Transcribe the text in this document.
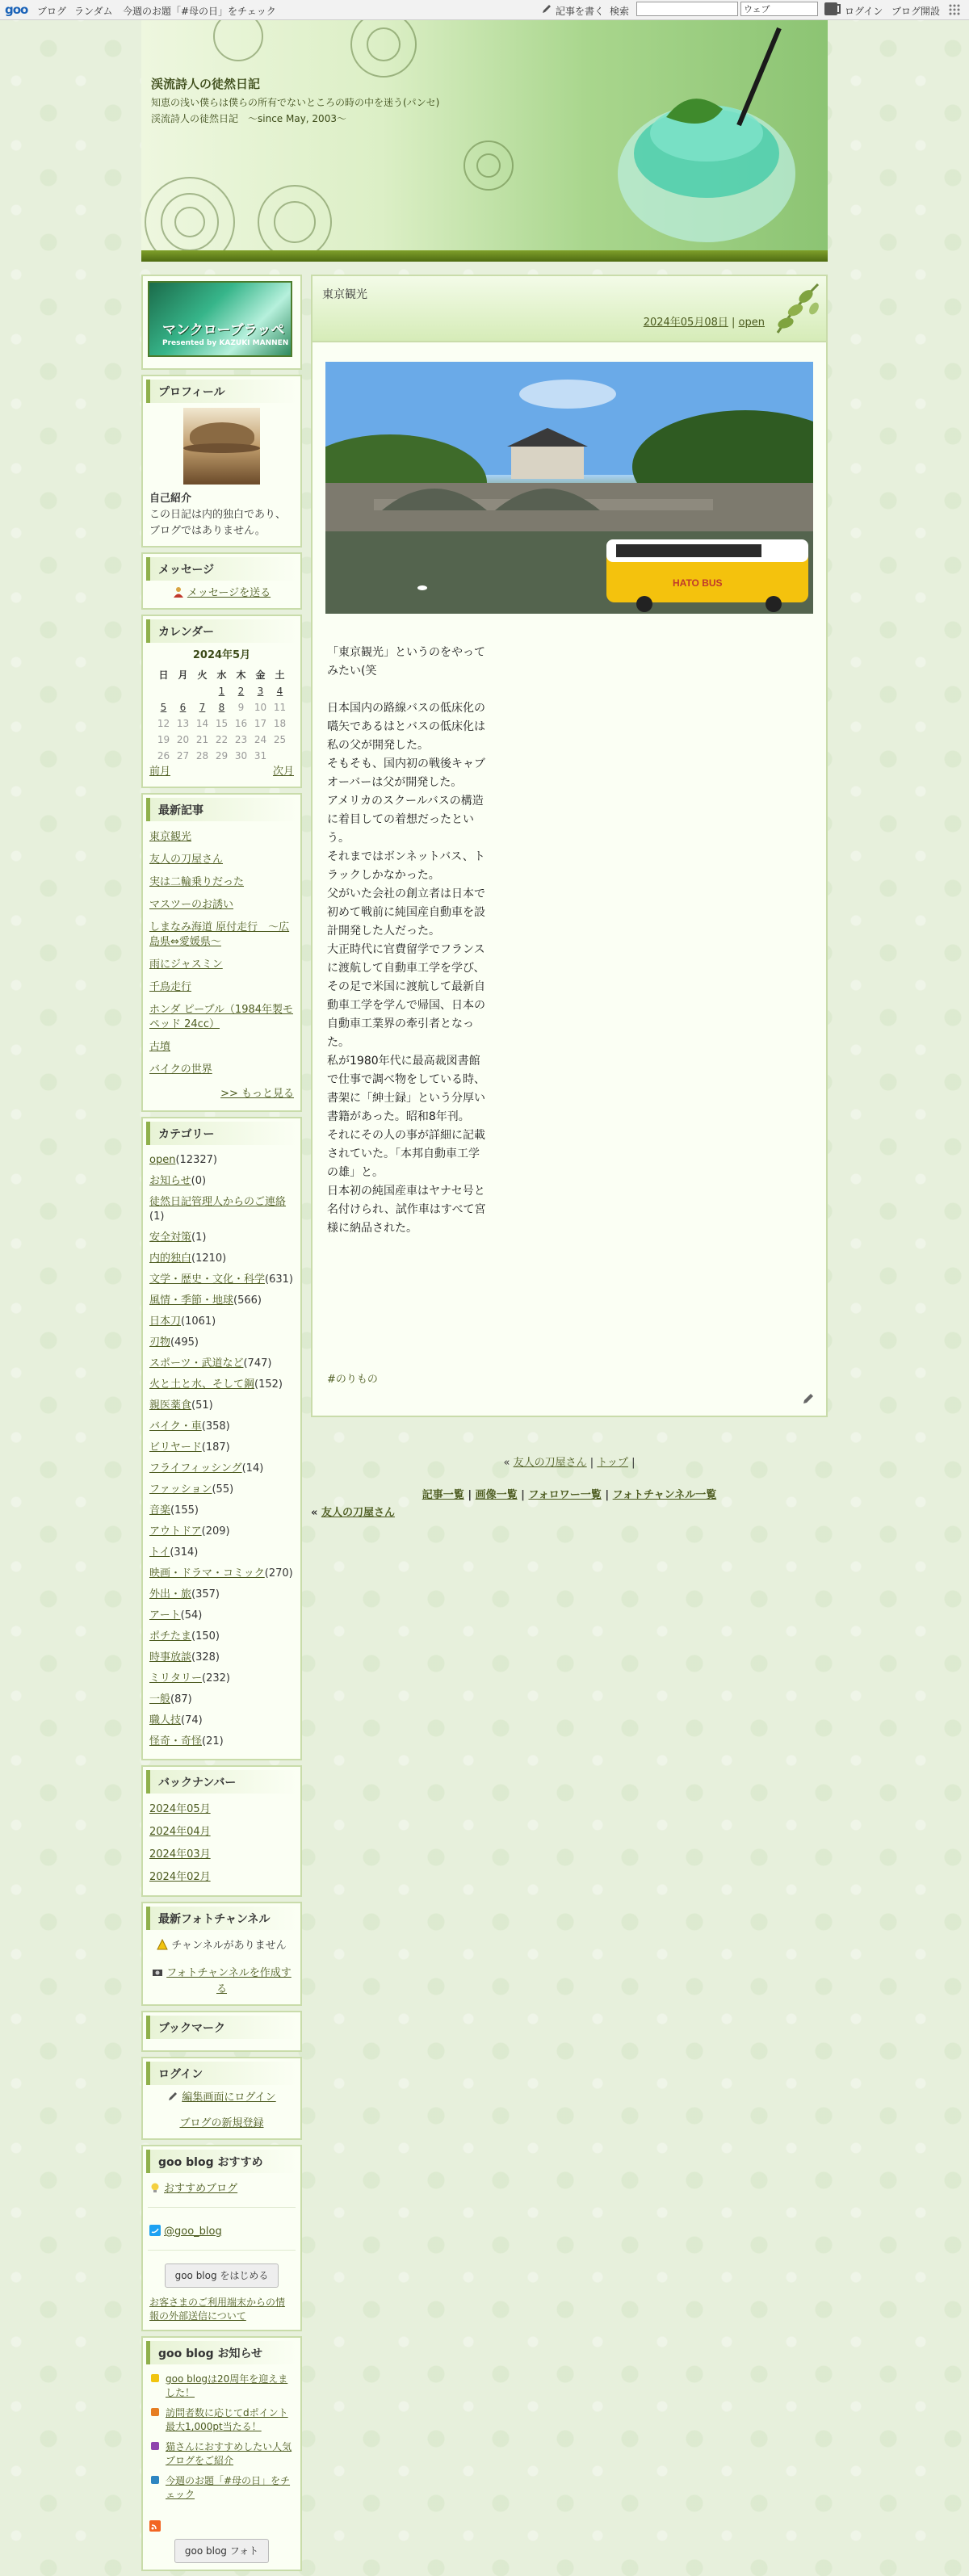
goo ブログ ランダム 今週のお題「#母の日」をチェック	記事を書く 検索	ウェブ	ログイン ブログ開設
渓流詩人の徒然日記
知恵の浅い僕らは僕らの所有でないところの時の中を迷う(パンセ)　渓流詩人の徒然日記　～since May, 2003～
マンクローブラッペ
Presented by KAZUKI MANNEN
プロフィール
自己紹介
この日記は内的独白であり、ブログではありません。
メッセージ
メッセージを送る
カレンダー
2024年5月
日	月	火	水	木	金	土
			1	2	3	4
5	6	7	8	9	10	11
12	13	14	15	16	17	18
19	20	21	22	23	24	25
26	27	28	29	30	31	
前月	次月
最新記事
東京観光
友人の刀屋さん
実は二輪乗りだった
マスツーのお誘い
しまなみ海道 原付走行　～広島県⇔愛媛県～
雨にジャスミン
千鳥走行
ホンダ ピープル（1984年製モペッド 24cc）
古墳
バイクの世界
>> もっと見る
カテゴリー
open(12327)
お知らせ(0)
徒然日記管理人からのご連絡(1)
安全対策(1)
内的独白(1210)
文学・歴史・文化・科学(631)
風情・季節・地球(566)
日本刀(1061)
刃物(495)
スポーツ・武道など(747)
火と土と水、そして鋼(152)
親医薬食(51)
バイク・車(358)
ビリヤード(187)
フライフィッシング(14)
ファッション(55)
音楽(155)
アウトドア(209)
トイ(314)
映画・ドラマ・コミック(270)
外出・旅(357)
アート(54)
ポチたま(150)
時事放談(328)
ミリタリー(232)
一般(87)
職人技(74)
怪奇・奇怪(21)
バックナンバー
2024年05月
2024年04月
2024年03月
2024年02月
最新フォトチャンネル
チャンネルがありません
フォトチャンネルを作成する
ブックマーク
ログイン
編集画面にログイン
ブログの新規登録
goo blog おすすめ
おすすめブログ
@goo_blog
goo blog をはじめる
お客さまのご利用端末からの情報の外部送信について
goo blog お知らせ
goo blogは20周年を迎えました！
訪問者数に応じてdポイント最大1,000pt当たる！
猫さんにおすすめしたい人気ブログをご紹介
今週のお題「#母の日」をチェック
goo blog フォト
東京観光
2024年05月08日 | open
HATO BUS
「東京観光」というのをやってみたい(笑

日本国内の路線バスの低床化の嚆矢であるはとバスの低床化は私の父が開発した。
そもそも、国内初の戦後キャブオーバーは父が開発した。
アメリカのスクールバスの構造に着目しての着想だったという。
それまではボンネットバス、トラックしかなかった。
父がいた会社の創立者は日本で初めて戦前に純国産自動車を設計開発した人だった。
大正時代に官費留学でフランスに渡航して自動車工学を学び、その足で米国に渡航して最新自動車工学を学んで帰国、日本の自動車工業界の牽引者となった。
私が1980年代に最高裁図書館で仕事で調べ物をしている時、書架に「紳士録」という分厚い書籍があった。昭和8年刊。
それにその人の事が詳細に記載されていた。「本邦自動車工学の雄」と。
日本初の純国産車はヤナセ号と名付けられ、試作車はすべて宮様に納品された。
#のりもの
« 友人の刀屋さん | トップ |
記事一覧 | 画像一覧 | フォロワー一覧 | フォトチャンネル一覧
« 友人の刀屋さん
